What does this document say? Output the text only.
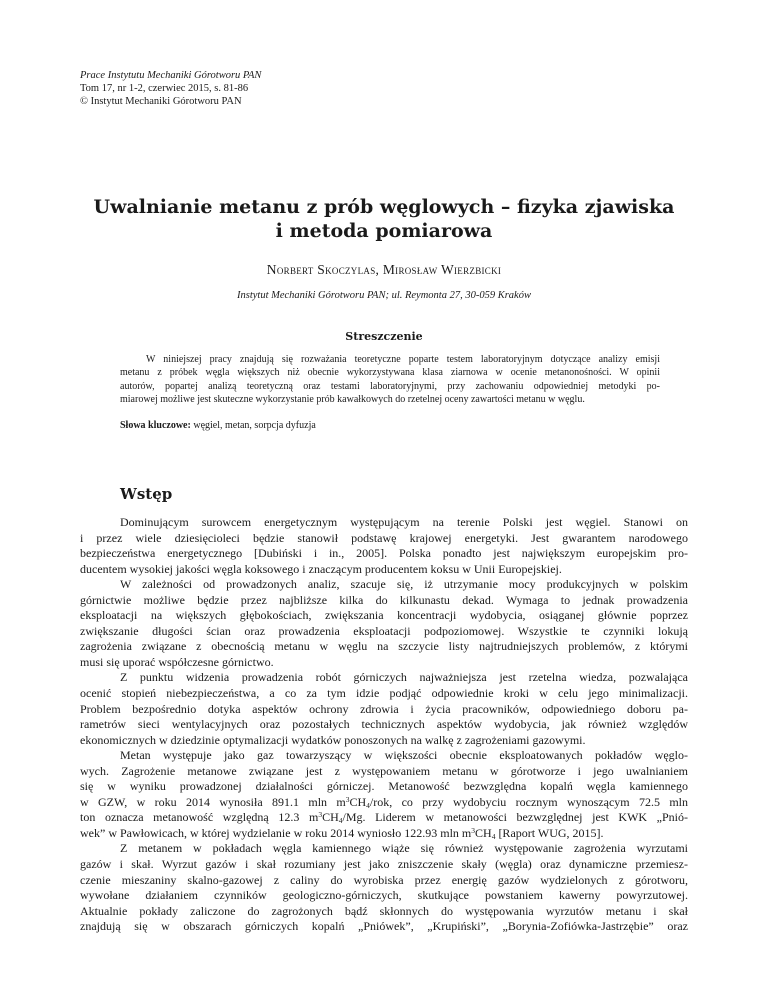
Prace Instytutu Mechaniki Górotworu PAN
Tom 17, nr 1-2, czerwiec 2015, s. 81-86
© Instytut Mechaniki Górotworu PAN
Uwalnianie metanu z prób węglowych – fizyka zjawiska
i metoda pomiarowa
Norbert Skoczylas, Mirosław Wierzbicki
Instytut Mechaniki Górotworu PAN; ul. Reymonta 27, 30-059 Kraków
Streszczenie
W niniejszej pracy znajdują się rozważania teoretyczne poparte testem laboratoryjnym dotyczące analizy emisji
metanu z próbek węgla większych niż obecnie wykorzystywana klasa ziarnowa w ocenie metanonośności. W opinii
autorów, popartej analizą teoretyczną oraz testami laboratoryjnymi, przy zachowaniu odpowiedniej metodyki po-
miarowej możliwe jest skuteczne wykorzystanie prób kawałkowych do rzetelnej oceny zawartości metanu w węglu.
Słowa kluczowe: węgiel, metan, sorpcja dyfuzja
Wstęp
Dominującym surowcem energetycznym występującym na terenie Polski jest węgiel. Stanowi on
i przez wiele dziesięcioleci będzie stanowił podstawę krajowej energetyki. Jest gwarantem narodowego
bezpieczeństwa energetycznego [Dubiński i in., 2005]. Polska ponadto jest największym europejskim pro-
ducentem wysokiej jakości węgla koksowego i znaczącym producentem koksu w Unii Europejskiej.
W zależności od prowadzonych analiz, szacuje się, iż utrzymanie mocy produkcyjnych w polskim
górnictwie możliwe będzie przez najbliższe kilka do kilkunastu dekad. Wymaga to jednak prowadzenia
eksploatacji na większych głębokościach, zwiększania koncentracji wydobycia, osiąganej głównie poprzez
zwiększanie długości ścian oraz prowadzenia eksploatacji podpoziomowej. Wszystkie te czynniki lokują
zagrożenia związane z obecnością metanu w węglu na szczycie listy najtrudniejszych problemów, z którymi
musi się uporać współczesne górnictwo.
Z punktu widzenia prowadzenia robót górniczych najważniejsza jest rzetelna wiedza, pozwalająca
ocenić stopień niebezpieczeństwa, a co za tym idzie podjąć odpowiednie kroki w celu jego minimalizacji.
Problem bezpośrednio dotyka aspektów ochrony zdrowia i życia pracowników, odpowiedniego doboru pa-
rametrów sieci wentylacyjnych oraz pozostałych technicznych aspektów wydobycia, jak również względów
ekonomicznych w dziedzinie optymalizacji wydatków ponoszonych na walkę z zagrożeniami gazowymi.
Metan występuje jako gaz towarzyszący w większości obecnie eksploatowanych pokładów węglo-
wych. Zagrożenie metanowe związane jest z występowaniem metanu w górotworze i jego uwalnianiem
się w wyniku prowadzonej działalności górniczej. Metanowość bezwzględna kopalń węgla kamiennego
w GZW, w roku 2014 wynosiła 891.1 mln $m^3CH_4$/rok, co przy wydobyciu rocznym wynoszącym 72.5 mln
ton oznacza metanowość względną 12.3 $m^3CH_4/Mg$. Liderem w metanowości bezwzględnej jest KWK „Pnió-
wek” w Pawłowicach, w której wydzielanie w roku 2014 wyniosło 122.93 mln $m^3CH_4$ [Raport WUG, 2015].
Z metanem w pokładach węgla kamiennego wiąże się również występowanie zagrożenia wyrzutami
gazów i skał. Wyrzut gazów i skał rozumiany jest jako zniszczenie skały (węgla) oraz dynamiczne przemiesz-
czenie mieszaniny skalno-gazowej z caliny do wyrobiska przez energię gazów wydzielonych z górotworu,
wywołane działaniem czynników geologiczno-górniczych, skutkujące powstaniem kawerny powyrzutowej.
Aktualnie pokłady zaliczone do zagrożonych bądź skłonnych do występowania wyrzutów metanu i skał
znajdują się w obszarach górniczych kopalń „Pniówek”, „Krupiński”, „Borynia-Zofiówka-Jastrzębie” oraz
